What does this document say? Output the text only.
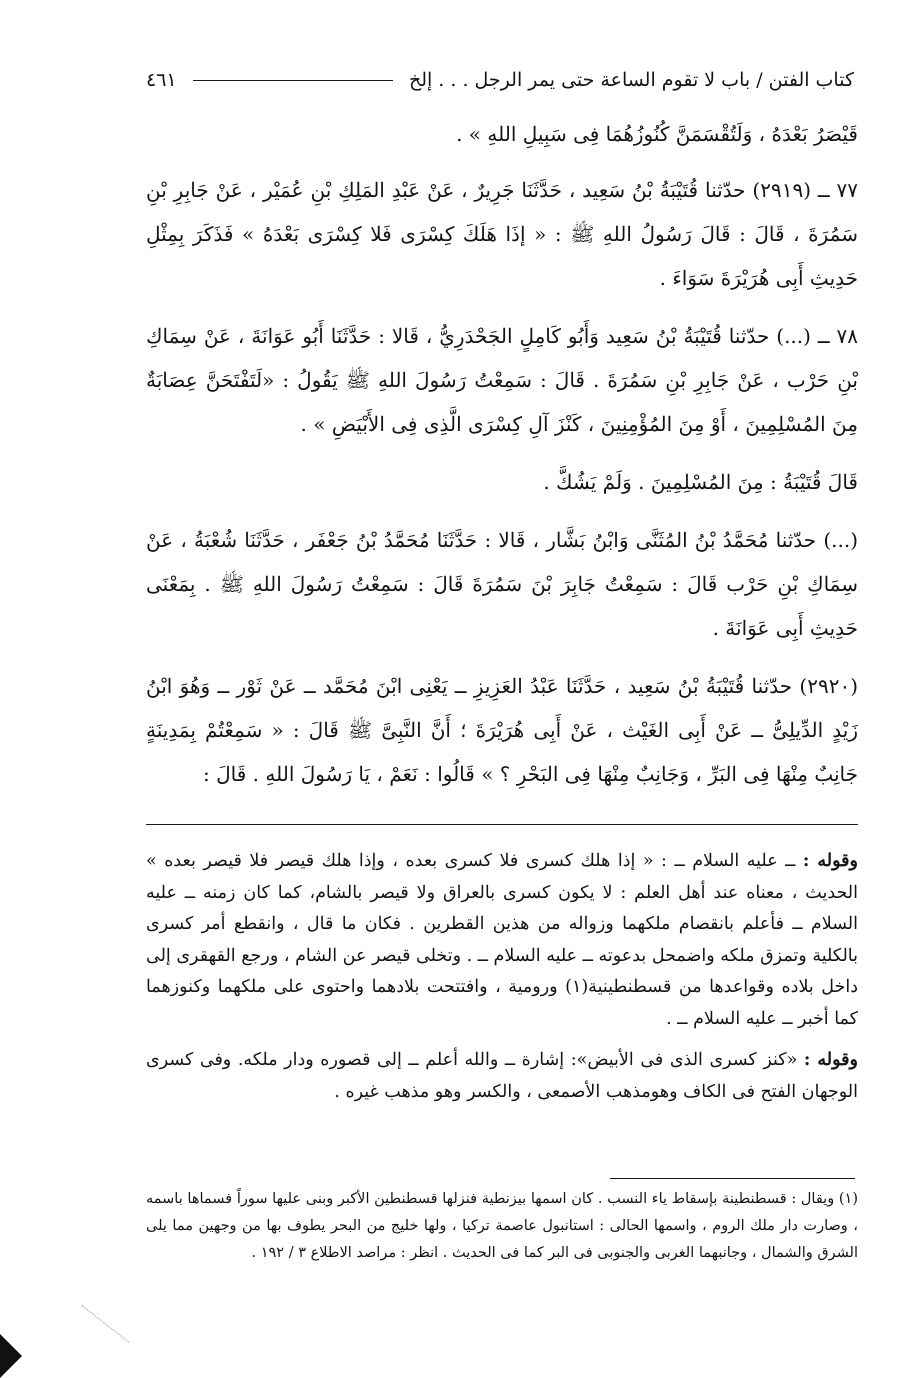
كتاب الفتن / باب لا تقوم الساعة حتى يمر الرجل . . . إلخ
٤٦١

قَيْصَرُ بَعْدَهُ ، وَلَتُقْسَمَنَّ كُنُوزُهُمَا فِى سَبِيلِ اللهِ » .

٧٧ ــ (٢٩١٩) حدّثنا قُتَيْبَةُ بْنُ سَعِيد ، حَدَّثَنَا جَرِيرٌ ، عَنْ عَبْدِ المَلِكِ بْنِ عُمَيْر ، عَنْ جَابِرِ بْنِ سَمُرَةَ ، قَالَ : قَالَ رَسُولُ اللهِ ﷺ : « إذَا هَلَكَ كِسْرَى فَلا كِسْرَى بَعْدَهُ » فَذَكَرَ بِمِثْلِ حَدِيثِ أَبِى هُرَيْرَةَ سَوَاءَ .

٧٨ ــ (...) حدّثنا قُتَيْبَةُ بْنُ سَعِيد وَأَبُو كَامِلٍ الجَحْدَرِيُّ ، قَالا : حَدَّثَنَا أَبُو عَوَانَةَ ، عَنْ سِمَاكِ بْنِ حَرْب ، عَنْ جَابِرِ بْنِ سَمُرَةَ . قَالَ : سَمِعْتُ رَسُولَ اللهِ ﷺ يَقُولُ : «لَتَفْتَحَنَّ عِصَابَةٌ مِنَ المُسْلِمِينَ ، أَوْ مِنَ المُؤْمِنِينَ ، كَنْزَ آلِ كِسْرَى الَّذِى فِى الأَبْيَضِ » .

قَالَ قُتَيْبَةُ : مِنَ المُسْلِمِينَ . وَلَمْ يَشُكَّ .

(...) حدّثنا مُحَمَّدُ بْنُ المُثَنَّى وَابْنُ بَشَّار ، قَالا : حَدَّثَنَا مُحَمَّدُ بْنُ جَعْفَر ، حَدَّثَنَا شُعْبَةُ ، عَنْ سِمَاكِ بْنِ حَرْب قَالَ : سَمِعْتُ جَابِرَ بْنَ سَمُرَةَ قَالَ : سَمِعْتُ رَسُولَ اللهِ ﷺ . بِمَعْنَى حَدِيثِ أَبِى عَوَانَةَ .

(٢٩٢٠) حدّثنا قُتَيْبَةُ بْنُ سَعِيد ، حَدَّثَنَا عَبْدُ العَزِيزِ ــ يَعْنِى ابْنَ مُحَمَّد ــ عَنْ ثَوْر ــ وَهُوَ ابْنُ زَيْدٍ الدِّيلِىُّ ــ عَنْ أَبِى الغَيْث ، عَنْ أَبِى هُرَيْرَةَ ؛ أَنَّ النَّبِىَّ ﷺ قَالَ : « سَمِعْتُمْ بِمَدِينَةٍ جَانِبٌ مِنْهَا فِى البَرِّ ، وَجَانِبٌ مِنْهَا فِى البَحْرِ ؟ » قَالُوا : نَعَمْ ، يَا رَسُولَ اللهِ . قَالَ :

وقوله : ــ عليه السلام ــ : « إذا هلك كسرى فلا كسرى بعده ، وإذا هلك قيصر فلا قيصر بعده » الحديث ، معناه عند أهل العلم : لا يكون كسرى بالعراق ولا قيصر بالشام، كما كان زمنه ــ عليه السلام ــ فأعلم بانقصام ملكهما وزواله من هذين القطرين . فكان ما قال ، وانقطع أمر كسرى بالكلية وتمزق ملكه واضمحل بدعوته ــ عليه السلام ــ . وتخلى قيصر عن الشام ، ورجع القهقرى إلى داخل بلاده وقواعدها من قسطنطينية(١) ورومية ، وافتتحت بلادهما واحتوى على ملكهما وكنوزهما كما أخبر ــ عليه السلام ــ .

وقوله : «كنز كسرى الذى فى الأبيض»: إشارة ــ والله أعلم ــ إلى قصوره ودار ملكه. وفى كسرى الوجهان الفتح فى الكاف وهومذهب الأصمعى ، والكسر وهو مذهب غيره .

(١) ويقال : قسطنطينة بإسقاط ياء النسب . كان اسمها بيزنطية فنزلها قسطنطين الأكبر وبنى عليها سوراً فسماها باسمه ، وصارت دار ملك الروم ، واسمها الحالى : استانبول عاصمة تركيا ، ولها خليج من البحر يطوف بها من وجهين مما يلى الشرق والشمال ، وجانبهما الغربى والجنوبى فى البر كما فى الحديث . انظر : مراصد الاطلاع ٣ / ١٩٢ .
